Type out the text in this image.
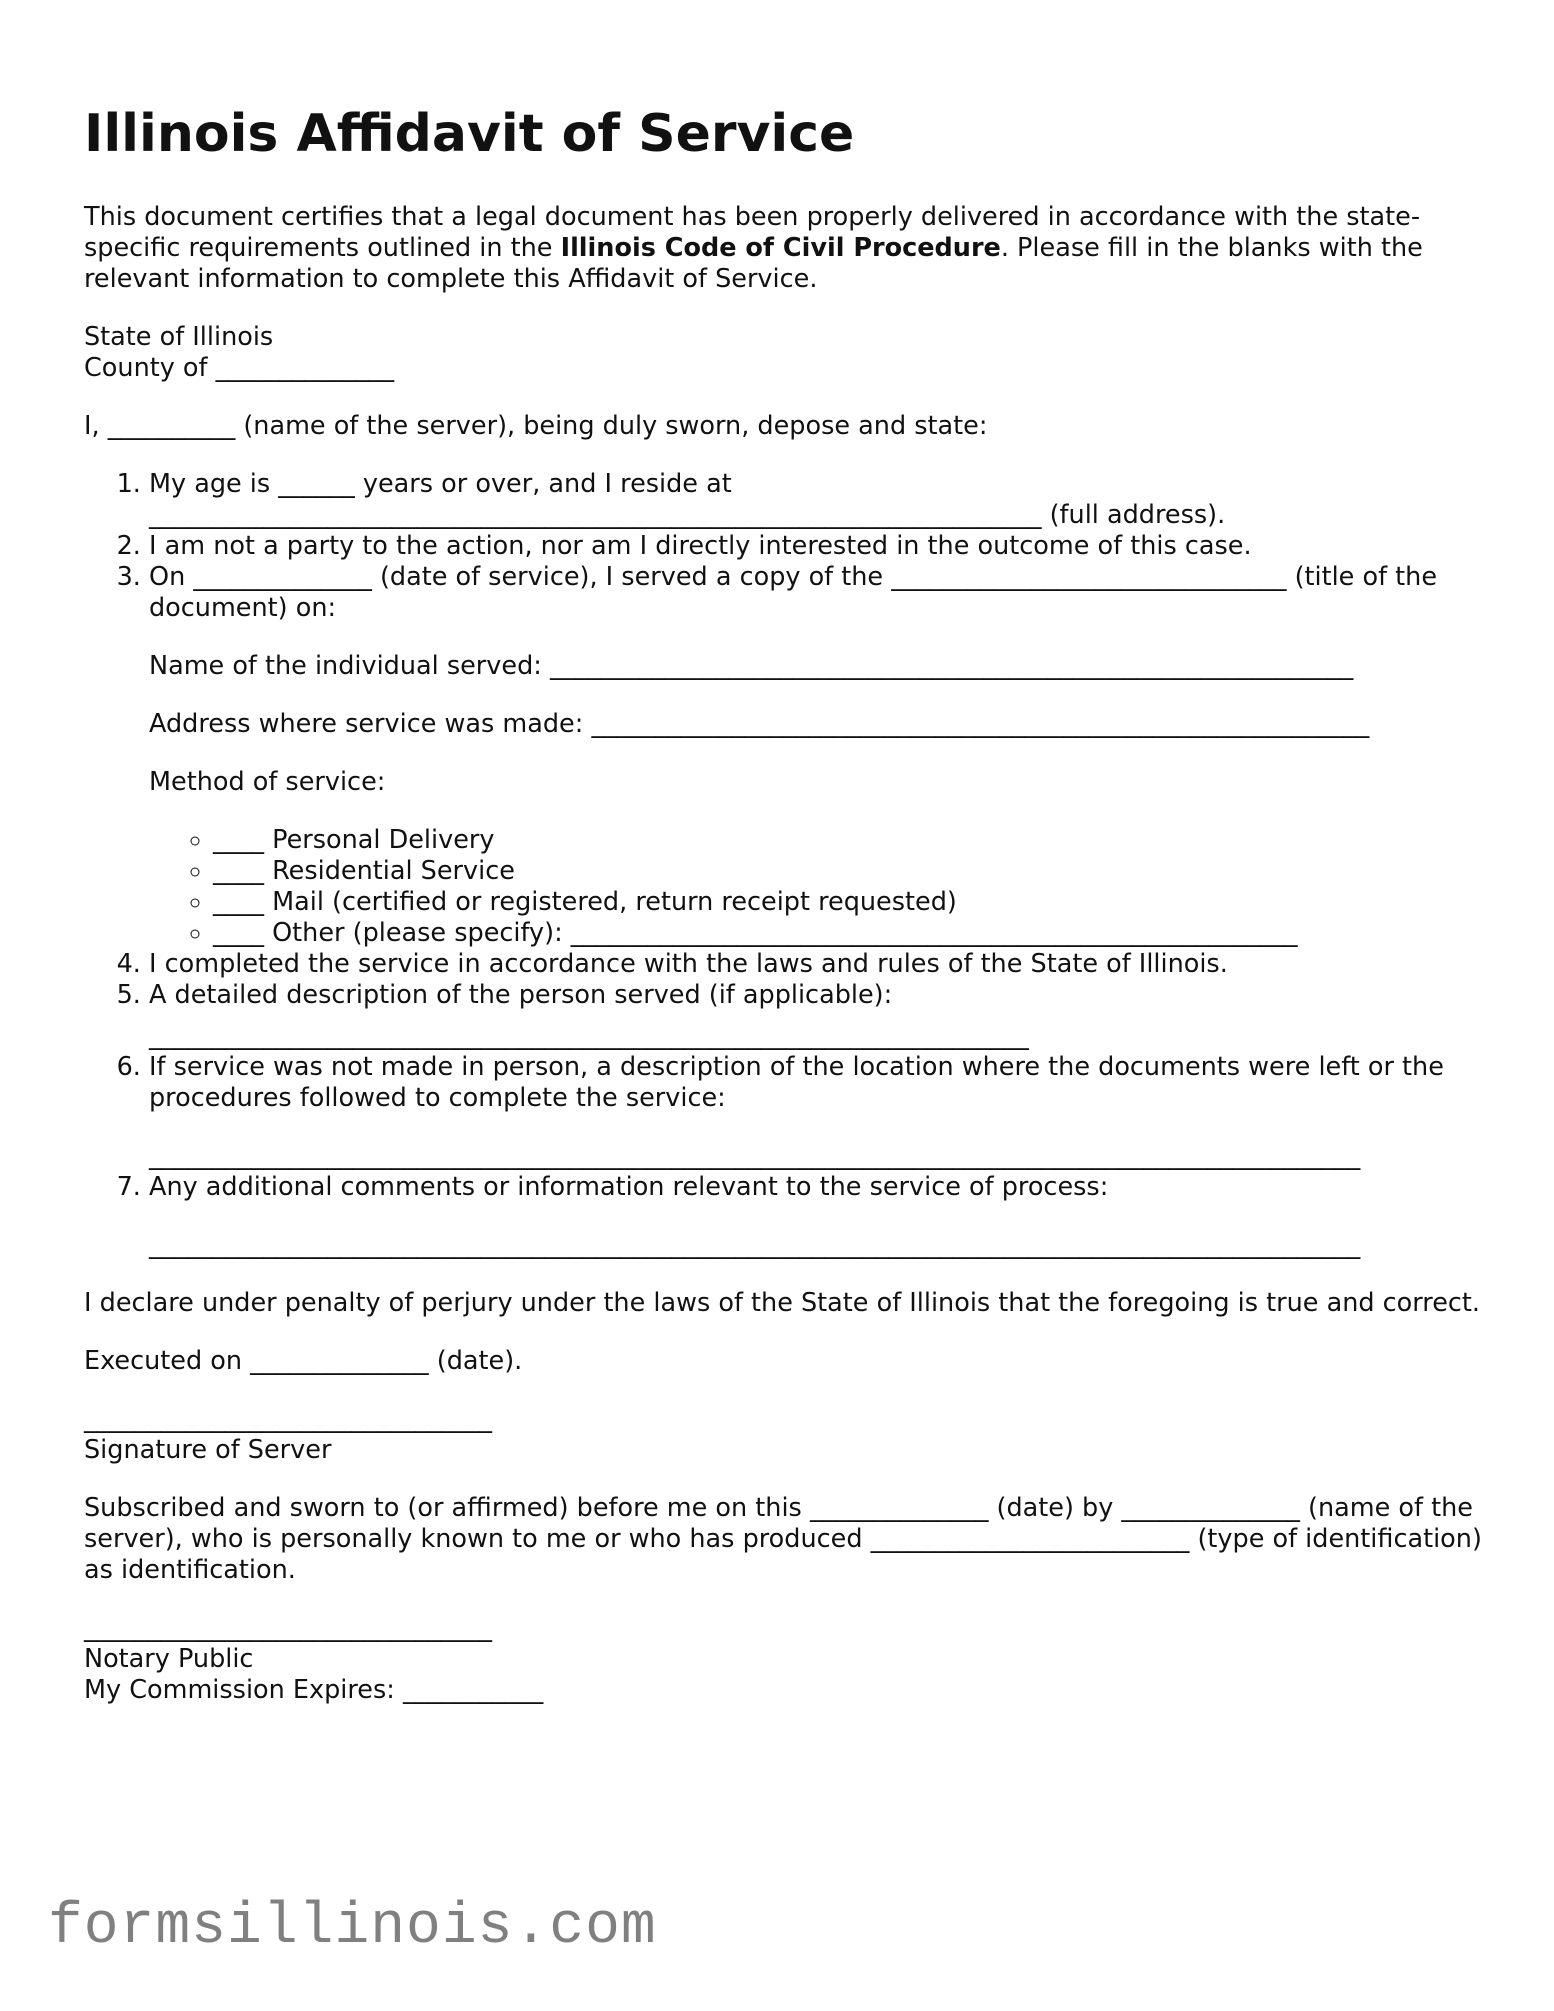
Illinois Affidavit of Service

This document certifies that a legal document has been properly delivered in accordance with the state-specific requirements outlined in the Illinois Code of Civil Procedure. Please fill in the blanks with the relevant information to complete this Affidavit of Service.

State of Illinois
County of ______________

I, __________ (name of the server), being duly sworn, depose and state:

1. My age is ______ years or over, and I reside at
______________________________________________________________________ (full address).
2. I am not a party to the action, nor am I directly interested in the outcome of this case.
3. On ______________ (date of service), I served a copy of the _______________________________ (title of the document) on:
Name of the individual served: _______________________________________________________________
Address where service was made: _____________________________________________________________
Method of service:
◦ ____ Personal Delivery
◦ ____ Residential Service
◦ ____ Mail (certified or registered, return receipt requested)
◦ ____ Other (please specify): _________________________________________________________
4. I completed the service in accordance with the laws and rules of the State of Illinois.
5. A detailed description of the person served (if applicable):
_____________________________________________________________________
6. If service was not made in person, a description of the location where the documents were left or the procedures followed to complete the service:
_______________________________________________________________________________________________
7. Any additional comments or information relevant to the service of process:
_______________________________________________________________________________________________

I declare under penalty of perjury under the laws of the State of Illinois that the foregoing is true and correct.

Executed on ______________ (date).

________________________________
Signature of Server

Subscribed and sworn to (or affirmed) before me on this ______________ (date) by ______________ (name of the server), who is personally known to me or who has produced _________________________ (type of identification) as identification.

________________________________
Notary Public
My Commission Expires: ___________

formsillinois.com
